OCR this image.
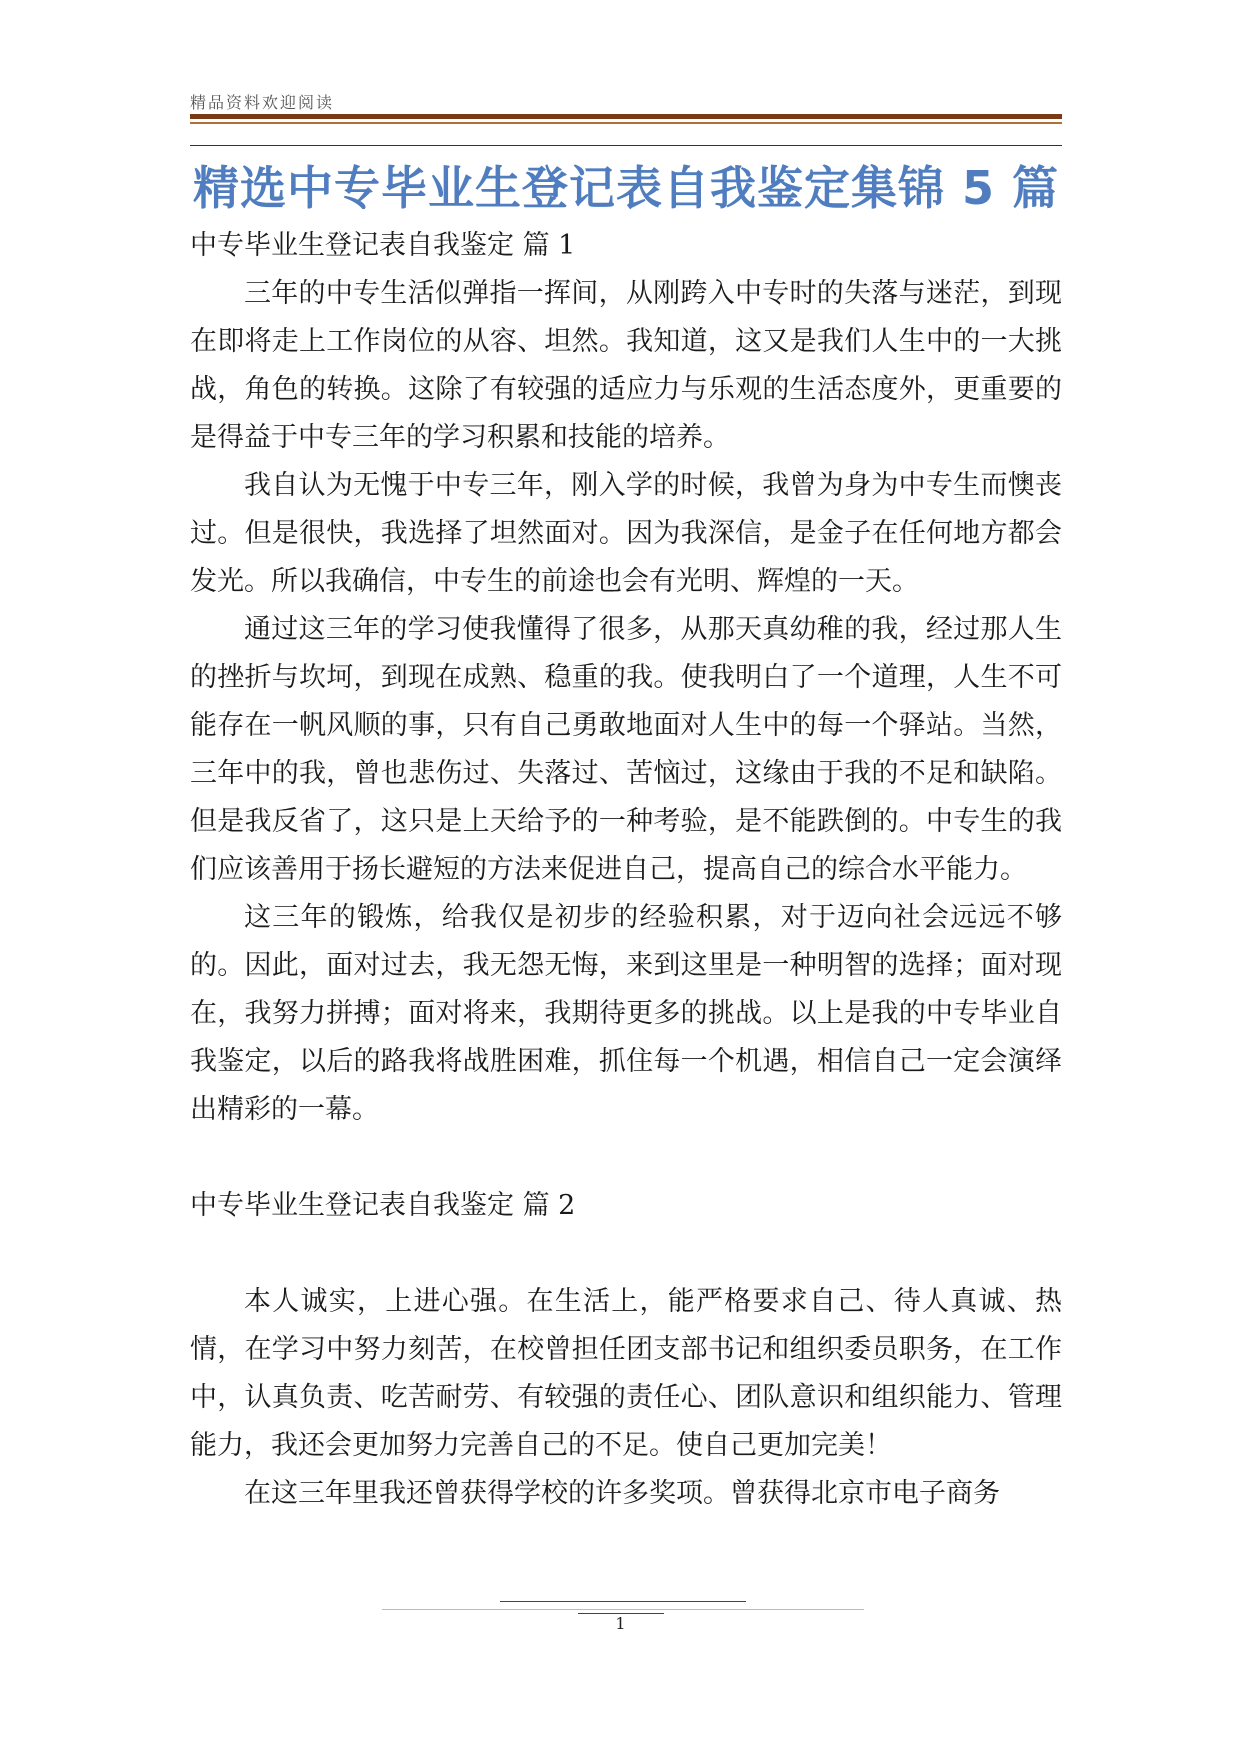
精品资料欢迎阅读
精选中专毕业生登记表自我鉴定集锦 5 篇

中专毕业生登记表自我鉴定 篇 1

三年的中专生活似弹指一挥间，从刚跨入中专时的失落与迷茫，到现在即将走上工作岗位的从容、坦然。我知道，这又是我们人生中的一大挑战，角色的转换。这除了有较强的适应力与乐观的生活态度外，更重要的是得益于中专三年的学习积累和技能的培养。

我自认为无愧于中专三年，刚入学的时候，我曾为身为中专生而懊丧过。但是很快，我选择了坦然面对。因为我深信，是金子在任何地方都会发光。所以我确信，中专生的前途也会有光明、辉煌的一天。

通过这三年的学习使我懂得了很多，从那天真幼稚的我，经过那人生的挫折与坎坷，到现在成熟、稳重的我。使我明白了一个道理，人生不可能存在一帆风顺的事，只有自己勇敢地面对人生中的每一个驿站。当然，三年中的我，曾也悲伤过、失落过、苦恼过，这缘由于我的不足和缺陷。但是我反省了，这只是上天给予的一种考验，是不能跌倒的。中专生的我们应该善用于扬长避短的方法来促进自己，提高自己的综合水平能力。

这三年的锻炼，给我仅是初步的经验积累，对于迈向社会远远不够的。因此，面对过去，我无怨无悔，来到这里是一种明智的选择；面对现在，我努力拼搏；面对将来，我期待更多的挑战。以上是我的中专毕业自我鉴定，以后的路我将战胜困难，抓住每一个机遇，相信自己一定会演绎出精彩的一幕。

中专毕业生登记表自我鉴定 篇 2

本人诚实，上进心强。在生活上，能严格要求自己、待人真诚、热情，在学习中努力刻苦，在校曾担任团支部书记和组织委员职务，在工作中，认真负责、吃苦耐劳、有较强的责任心、团队意识和组织能力、管理能力，我还会更加努力完善自己的不足。使自己更加完美！

在这三年里我还曾获得学校的许多奖项。曾获得北京市电子商务

1
